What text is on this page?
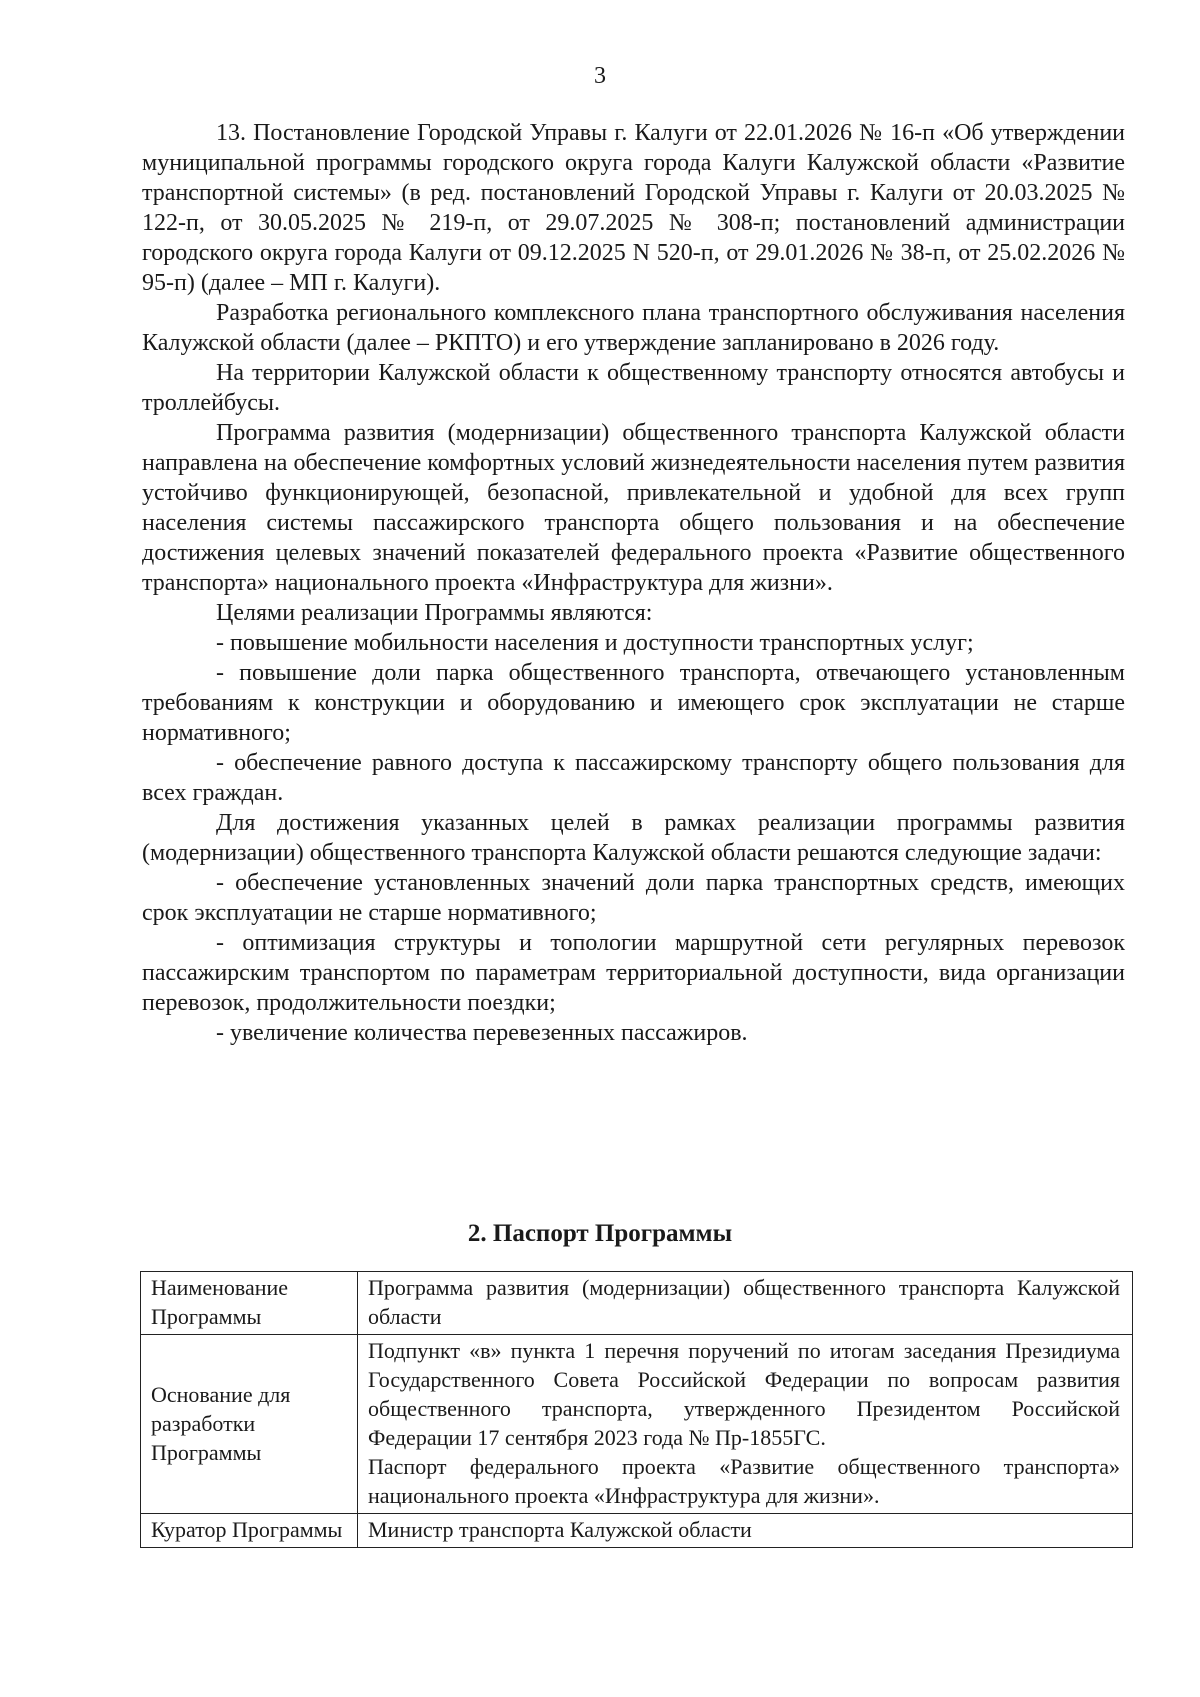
3

13. Постановление Городской Управы г. Калуги от 22.01.2026 № 16-п «Об утверждении муниципальной программы городского округа города Калуги Калужской области «Развитие транспортной системы» (в ред. постановлений Городской Управы г. Калуги от 20.03.2025 № 122-п, от 30.05.2025 № 219-п, от 29.07.2025 № 308-п; постановлений администрации городского округа города Калуги от 09.12.2025 N 520-п, от 29.01.2026 № 38-п, от 25.02.2026 № 95-п) (далее – МП г. Калуги).

Разработка регионального комплексного плана транспортного обслуживания населения Калужской области (далее – РКПТО) и его утверждение запланировано в 2026 году.

На территории Калужской области к общественному транспорту относятся автобусы и троллейбусы.

Программа развития (модернизации) общественного транспорта Калужской области направлена на обеспечение комфортных условий жизнедеятельности населения путем развития устойчиво функционирующей, безопасной, привлекательной и удобной для всех групп населения системы пассажирского транспорта общего пользования и на обеспечение достижения целевых значений показателей федерального проекта «Развитие общественного транспорта» национального проекта «Инфраструктура для жизни».

Целями реализации Программы являются:

- повышение мобильности населения и доступности транспортных услуг;

- повышение доли парка общественного транспорта, отвечающего установленным требованиям к конструкции и оборудованию и имеющего срок эксплуатации не старше нормативного;

- обеспечение равного доступа к пассажирскому транспорту общего пользования для всех граждан.

Для достижения указанных целей в рамках реализации программы развития (модернизации) общественного транспорта Калужской области решаются следующие задачи:

- обеспечение установленных значений доли парка транспортных средств, имеющих срок эксплуатации не старше нормативного;

- оптимизация структуры и топологии маршрутной сети регулярных перевозок пассажирским транспортом по параметрам территориальной доступности, вида организации перевозок, продолжительности поездки;

- увеличение количества перевезенных пассажиров.

2. Паспорт Программы
Наименование Программы	Программа развития (модернизации) общественного транспорта Калужской области

Основание для разработки Программы	Подпункт «в» пункта 1 перечня поручений по итогам заседания Президиума Государственного Совета Российской Федерации по вопросам развития общественного транспорта, утвержденного Президентом Российской Федерации 17 сентября 2023 года № Пр-1855ГС.
Паспорт федерального проекта «Развитие общественного транспорта» национального проекта «Инфраструктура для жизни».

Куратор Программы	Министр транспорта Калужской области
